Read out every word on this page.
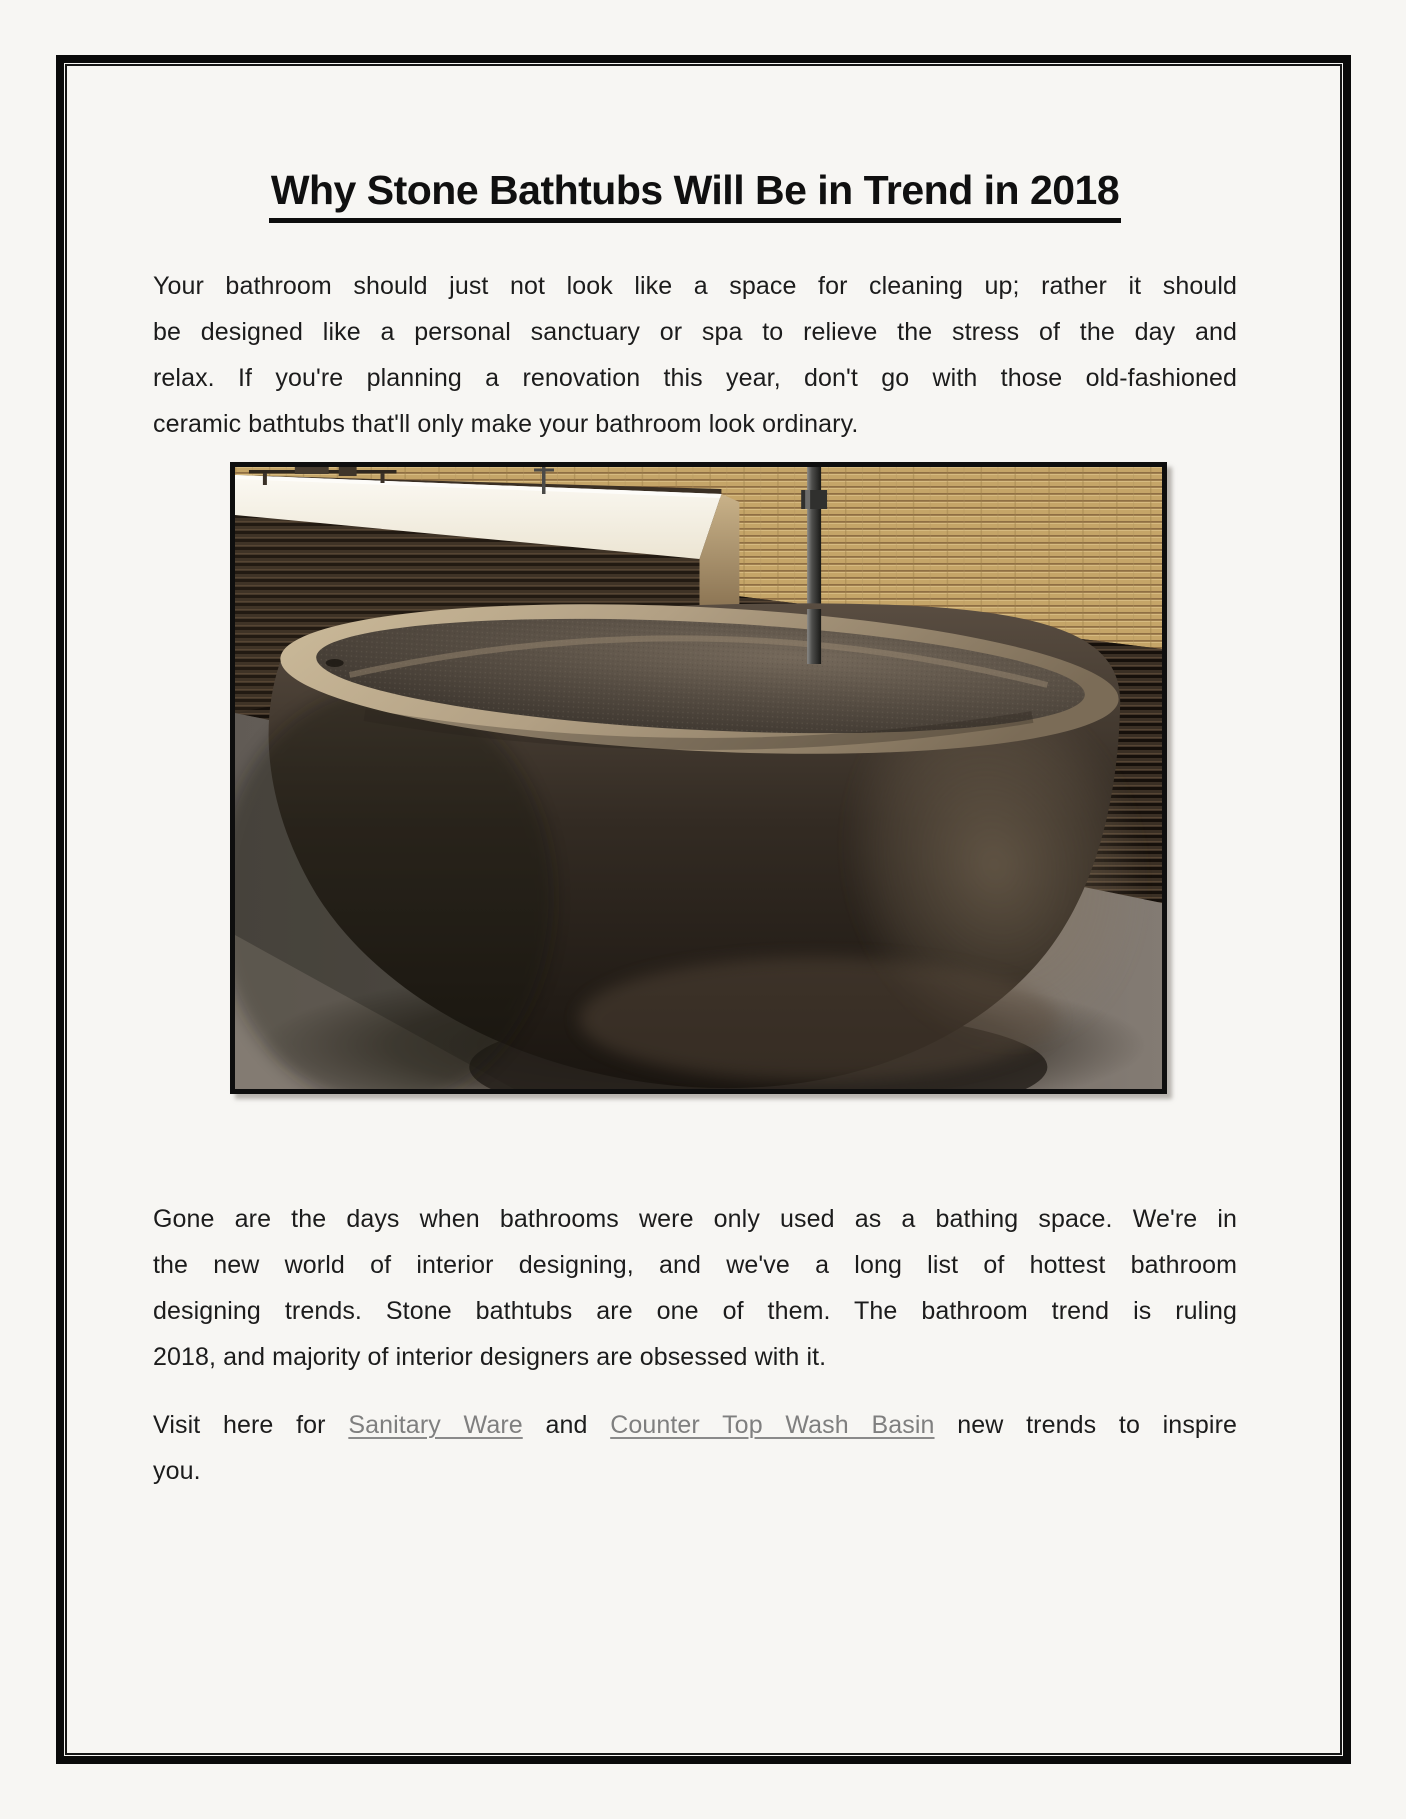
Why Stone Bathtubs Will Be in Trend in 2018
Your bathroom should just not look like a space for cleaning up; rather it should
be designed like a personal sanctuary or spa to relieve the stress of the day and
relax. If you're planning a renovation this year, don't go with those old-fashioned
ceramic bathtubs that'll only make your bathroom look ordinary.
Gone are the days when bathrooms were only used as a bathing space. We're in
the new world of interior designing, and we've a long list of hottest bathroom
designing trends. Stone bathtubs are one of them. The bathroom trend is ruling
2018, and majority of interior designers are obsessed with it.
Visit here for Sanitary Ware and Counter Top Wash Basin new trends to inspire
you.
